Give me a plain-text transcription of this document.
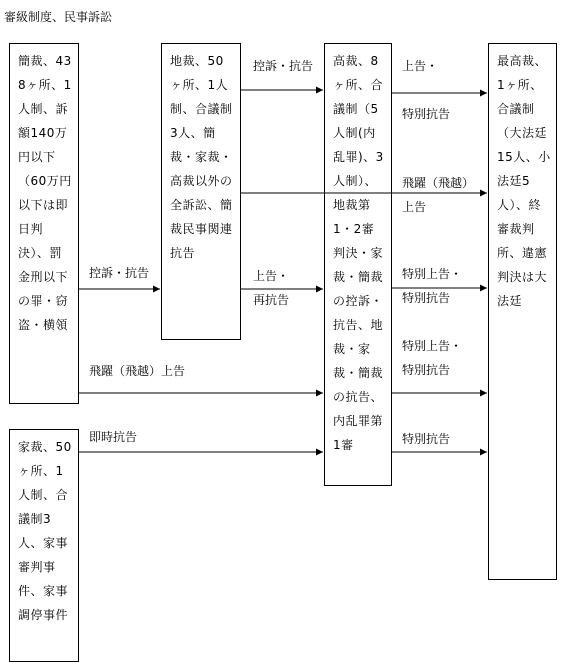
審級制度、民事訴訟
簡裁、438ヶ所、1人制、訴額140万円以下（60万円以下は即日判決）、罰金刑以下の罪・窃盗・横領
家裁、50ヶ所、1人制、合議制3人、家事審判事件、家事調停事件
地裁、50ヶ所、1人制、合議制3人、簡裁・家裁・高裁以外の全訴訟、簡裁民事関連抗告
高裁、8ヶ所、合議制（5人制(内乱罪)、3人制）、地裁第1・2審判決・家裁・簡裁の控訴・抗告、地裁・家裁・簡裁の抗告、内乱罪第1審
最高裁、1ヶ所、合議制（大法廷15人、小法廷5人）、終審裁判所、違憲判決は大法廷
控訴・抗告
控訴・抗告
上告・
再抗告
飛躍（飛越）上告
即時抗告
上告・

特別抗告
飛躍（飛越）
上告
特別上告・
特別抗告
特別上告・
特別抗告
特別抗告
